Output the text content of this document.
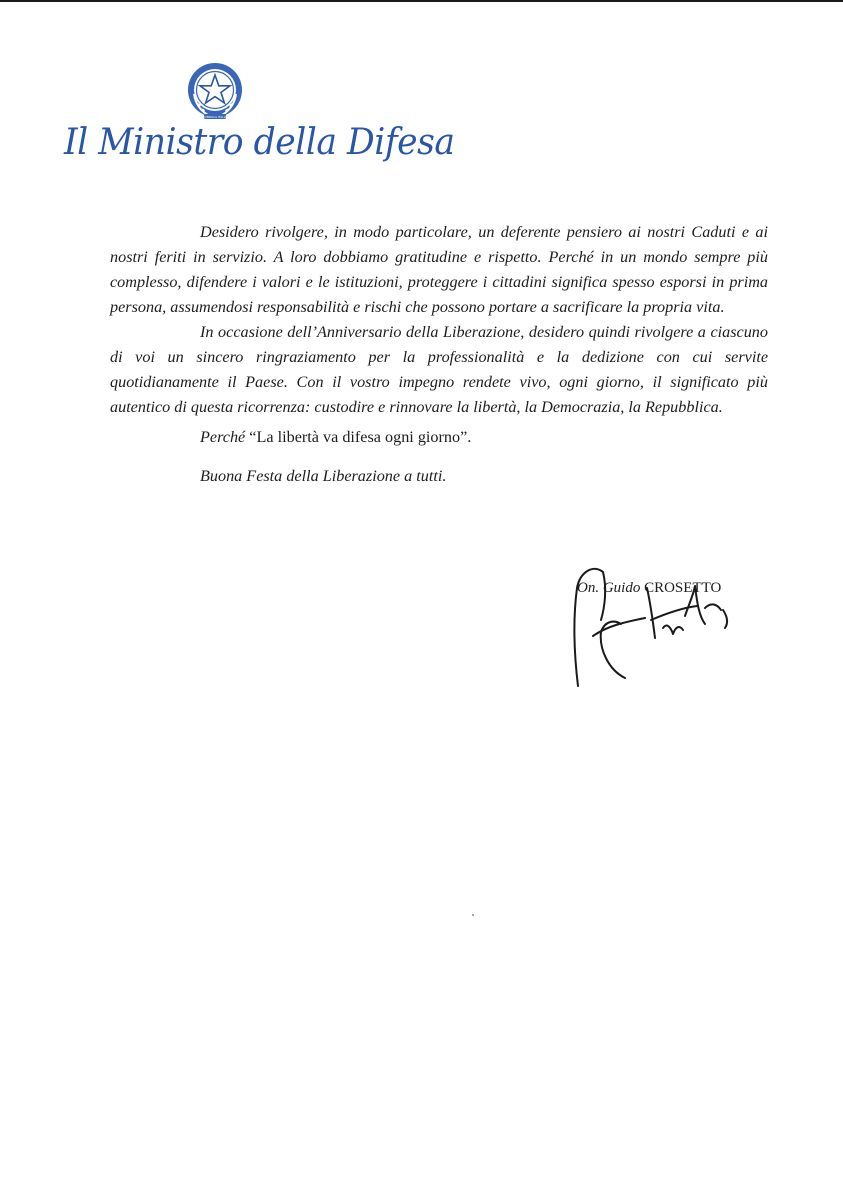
REPUBBLICA ITALIANA
Il Ministro della Difesa

Desidero rivolgere, in modo particolare, un deferente pensiero ai nostri Caduti e ai nostri feriti in servizio. A loro dobbiamo gratitudine e rispetto. Perché in un mondo sempre più complesso, difendere i valori e le istituzioni, proteggere i cittadini significa spesso esporsi in prima persona, assumendosi responsabilità e rischi che possono portare a sacrificare la propria vita.

In occasione dell’Anniversario della Liberazione, desidero quindi rivolgere a ciascuno di voi un sincero ringraziamento per la professionalità e la dedizione con cui servite quotidianamente il Paese. Con il vostro impegno rendete vivo, ogni giorno, il significato più autentico di questa ricorrenza: custodire e rinnovare la libertà, la Democrazia, la Repubblica.

Perché “La libertà va difesa ogni giorno”.

Buona Festa della Liberazione a tutti.

On. Guido CROSETTO
